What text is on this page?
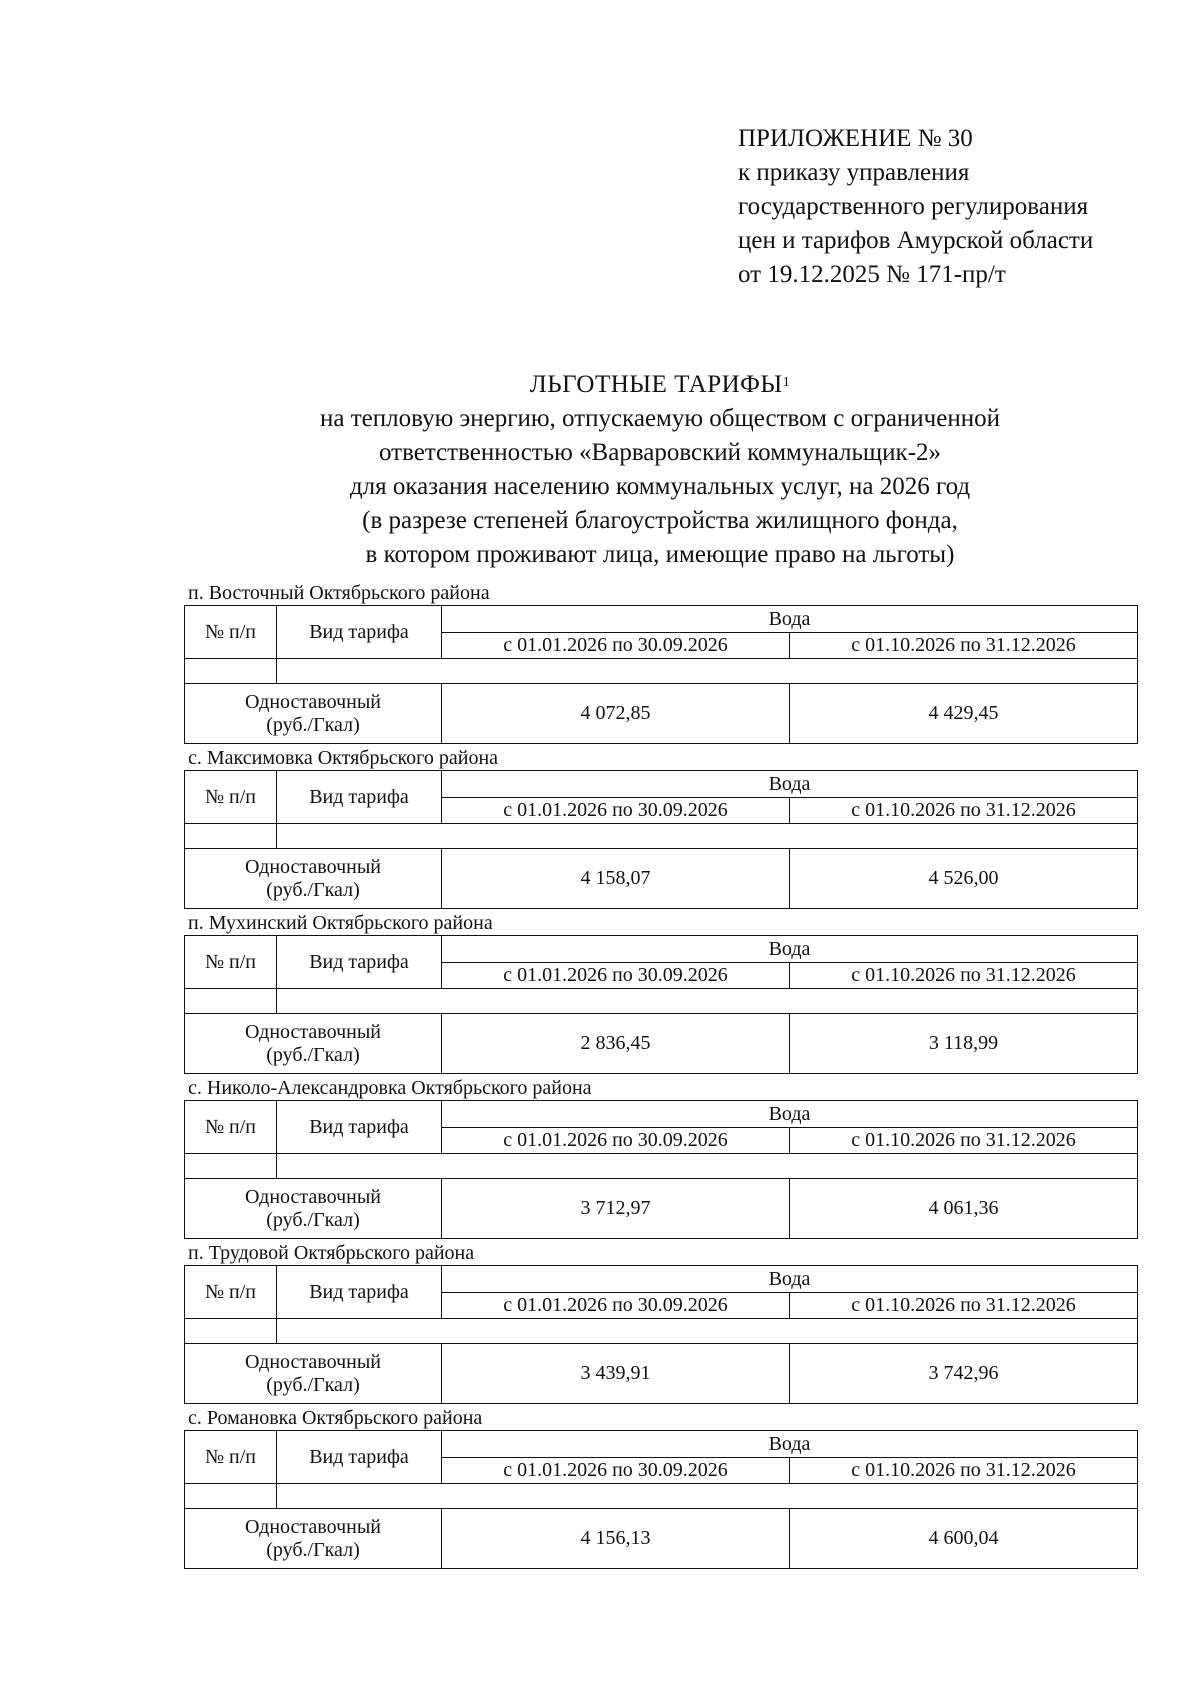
ПРИЛОЖЕНИЕ № 30
к приказу управления
государственного регулирования
цен и тарифов Амурской области
от 19.12.2025 № 171-пр/т
ЛЬГОТНЫЕ ТАРИФЫ$^1$
на тепловую энергию, отпускаемую обществом с ограниченной
ответственностью «Варваровский коммунальщик-2»
для оказания населению коммунальных услуг, на 2026 год
(в разрезе степеней благоустройства жилищного фонда,
в котором проживают лица, имеющие право на льготы)
п. Восточный Октябрьского района
№ п/п	Вид тарифа	Вода	
		с 01.01.2026 по 30.09.2026	с 01.10.2026 по 31.12.2026

Одноставочный
(руб./Гкал)		4 072,85	4 429,45
с. Максимовка Октябрьского района
№ п/п	Вид тарифа	Вода	
		с 01.01.2026 по 30.09.2026	с 01.10.2026 по 31.12.2026

Одноставочный
(руб./Гкал)		4 158,07	4 526,00
п. Мухинский Октябрьского района
№ п/п	Вид тарифа	Вода	
		с 01.01.2026 по 30.09.2026	с 01.10.2026 по 31.12.2026

Одноставочный
(руб./Гкал)		2 836,45	3 118,99
с. Николо-Александровка Октябрьского района
№ п/п	Вид тарифа	Вода	
		с 01.01.2026 по 30.09.2026	с 01.10.2026 по 31.12.2026

Одноставочный
(руб./Гкал)		3 712,97	4 061,36
п. Трудовой Октябрьского района
№ п/п	Вид тарифа	Вода	
		с 01.01.2026 по 30.09.2026	с 01.10.2026 по 31.12.2026

Одноставочный
(руб./Гкал)		3 439,91	3 742,96
с. Романовка Октябрьского района
№ п/п	Вид тарифа	Вода	
		с 01.01.2026 по 30.09.2026	с 01.10.2026 по 31.12.2026

Одноставочный
(руб./Гкал)		4 156,13	4 600,04
